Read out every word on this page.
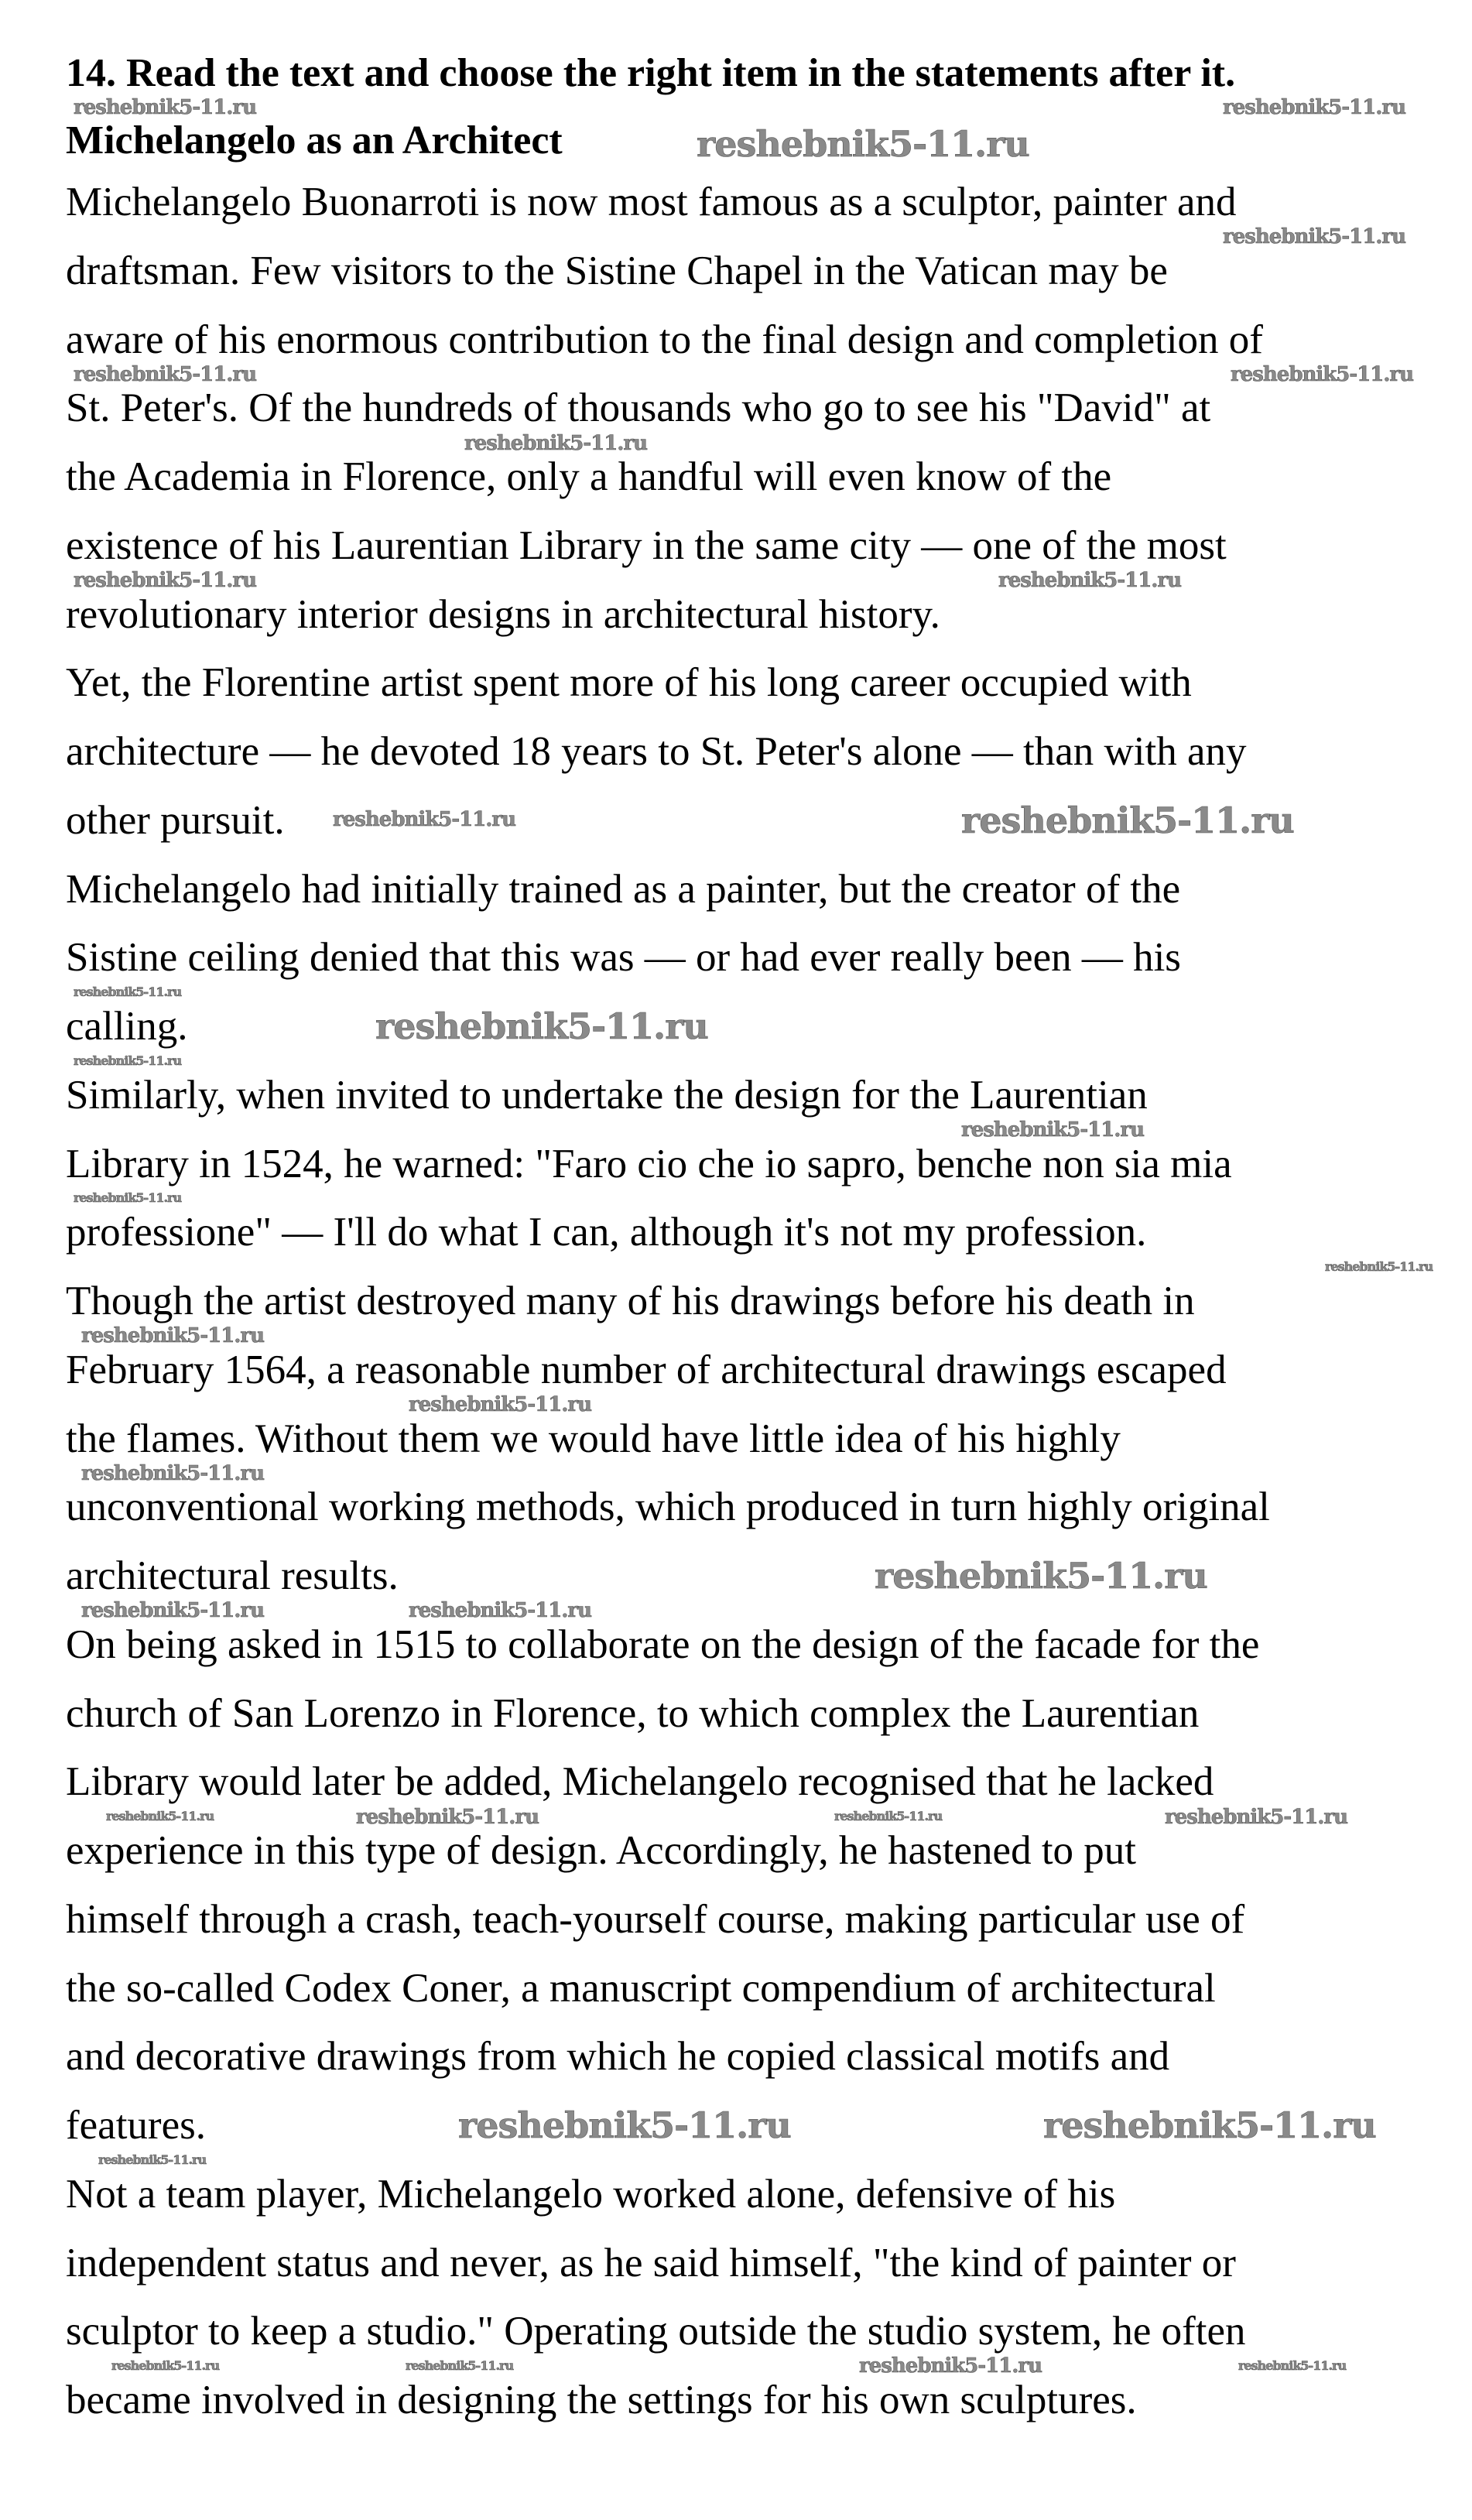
14. Read the text and choose the right item in the statements after it.
Michelangelo as an Architect
Michelangelo Buonarroti is now most famous as a sculptor, painter and
draftsman. Few visitors to the Sistine Chapel in the Vatican may be
aware of his enormous contribution to the final design and completion of
St. Peter's. Of the hundreds of thousands who go to see his "David" at
the Academia in Florence, only a handful will even know of the
existence of his Laurentian Library in the same city — one of the most
revolutionary interior designs in architectural history.
Yet, the Florentine artist spent more of his long career occupied with
architecture — he devoted 18 years to St. Peter's alone — than with any
other pursuit.
Michelangelo had initially trained as a painter, but the creator of the
Sistine ceiling denied that this was — or had ever really been — his
calling.
Similarly, when invited to undertake the design for the Laurentian
Library in 1524, he warned: "Faro cio che io sapro, benche non sia mia
professione" — I'll do what I can, although it's not my profession.
Though the artist destroyed many of his drawings before his death in
February 1564, a reasonable number of architectural drawings escaped
the flames. Without them we would have little idea of his highly
unconventional working methods, which produced in turn highly original
architectural results.
On being asked in 1515 to collaborate on the design of the facade for the
church of San Lorenzo in Florence, to which complex the Laurentian
Library would later be added, Michelangelo recognised that he lacked
experience in this type of design. Accordingly, he hastened to put
himself through a crash, teach-yourself course, making particular use of
the so-called Codex Coner, a manuscript compendium of architectural
and decorative drawings from which he copied classical motifs and
features.
Not a team player, Michelangelo worked alone, defensive of his
independent status and never, as he said himself, "the kind of painter or
sculptor to keep a studio." Operating outside the studio system, he often
became involved in designing the settings for his own sculptures.
reshebnik5-11.ru	reshebnik5-11.ru
reshebnik5-11.ru
reshebnik5-11.ru
reshebnik5-11.ru	reshebnik5-11.ru
reshebnik5-11.ru
reshebnik5-11.ru	reshebnik5-11.ru
reshebnik5-11.ru	reshebnik5-11.ru
reshebnik5-11.ru
reshebnik5-11.ru
reshebnik5-11.ru
reshebnik5-11.ru
reshebnik5-11.ru
reshebnik5-11.ru
reshebnik5-11.ru
reshebnik5-11.ru
reshebnik5-11.ru
reshebnik5-11.ru
reshebnik5-11.ru	reshebnik5-11.ru
reshebnik5-11.ru	reshebnik5-11.ru	reshebnik5-11.ru	reshebnik5-11.ru
reshebnik5-11.ru	reshebnik5-11.ru
reshebnik5-11.ru
reshebnik5-11.ru	reshebnik5-11.ru	reshebnik5-11.ru	reshebnik5-11.ru
